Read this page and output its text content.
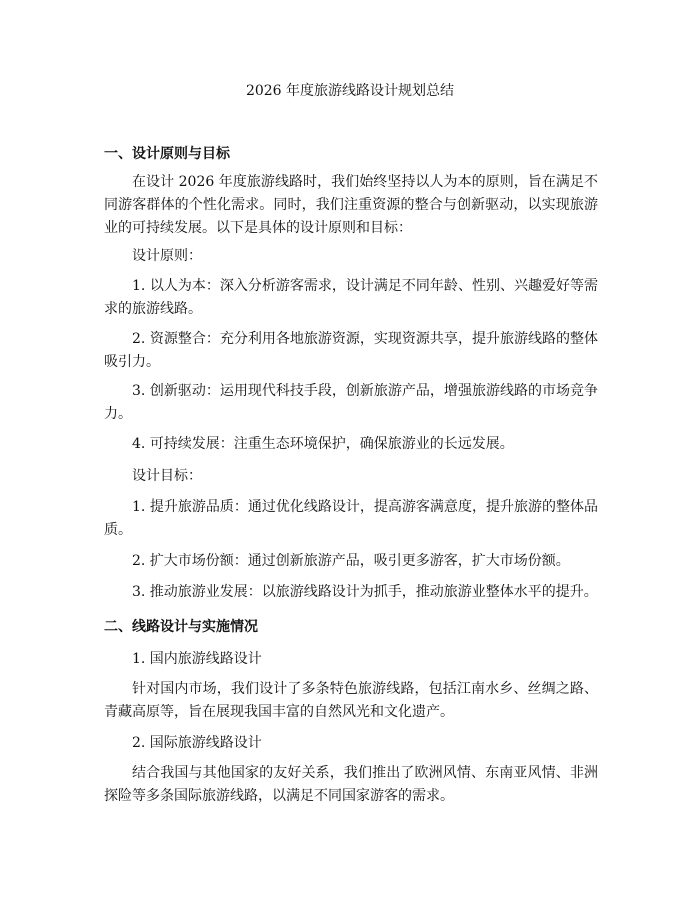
2026 年度旅游线路设计规划总结
一、设计原则与目标
在设计 2026 年度旅游线路时，我们始终坚持以人为本的原则，旨在满足不同游客群体的个性化需求。同时，我们注重资源的整合与创新驱动，以实现旅游业的可持续发展。以下是具体的设计原则和目标：
设计原则：
1. 以人为本：深入分析游客需求，设计满足不同年龄、性别、兴趣爱好等需求的旅游线路。
2. 资源整合：充分利用各地旅游资源，实现资源共享，提升旅游线路的整体吸引力。
3. 创新驱动：运用现代科技手段，创新旅游产品，增强旅游线路的市场竞争力。
4. 可持续发展：注重生态环境保护，确保旅游业的长远发展。
设计目标：
1. 提升旅游品质：通过优化线路设计，提高游客满意度，提升旅游的整体品质。
2. 扩大市场份额：通过创新旅游产品，吸引更多游客，扩大市场份额。
3. 推动旅游业发展：以旅游线路设计为抓手，推动旅游业整体水平的提升。
二、线路设计与实施情况
1. 国内旅游线路设计
针对国内市场，我们设计了多条特色旅游线路，包括江南水乡、丝绸之路、青藏高原等，旨在展现我国丰富的自然风光和文化遗产。
2. 国际旅游线路设计
结合我国与其他国家的友好关系，我们推出了欧洲风情、东南亚风情、非洲探险等多条国际旅游线路，以满足不同国家游客的需求。
